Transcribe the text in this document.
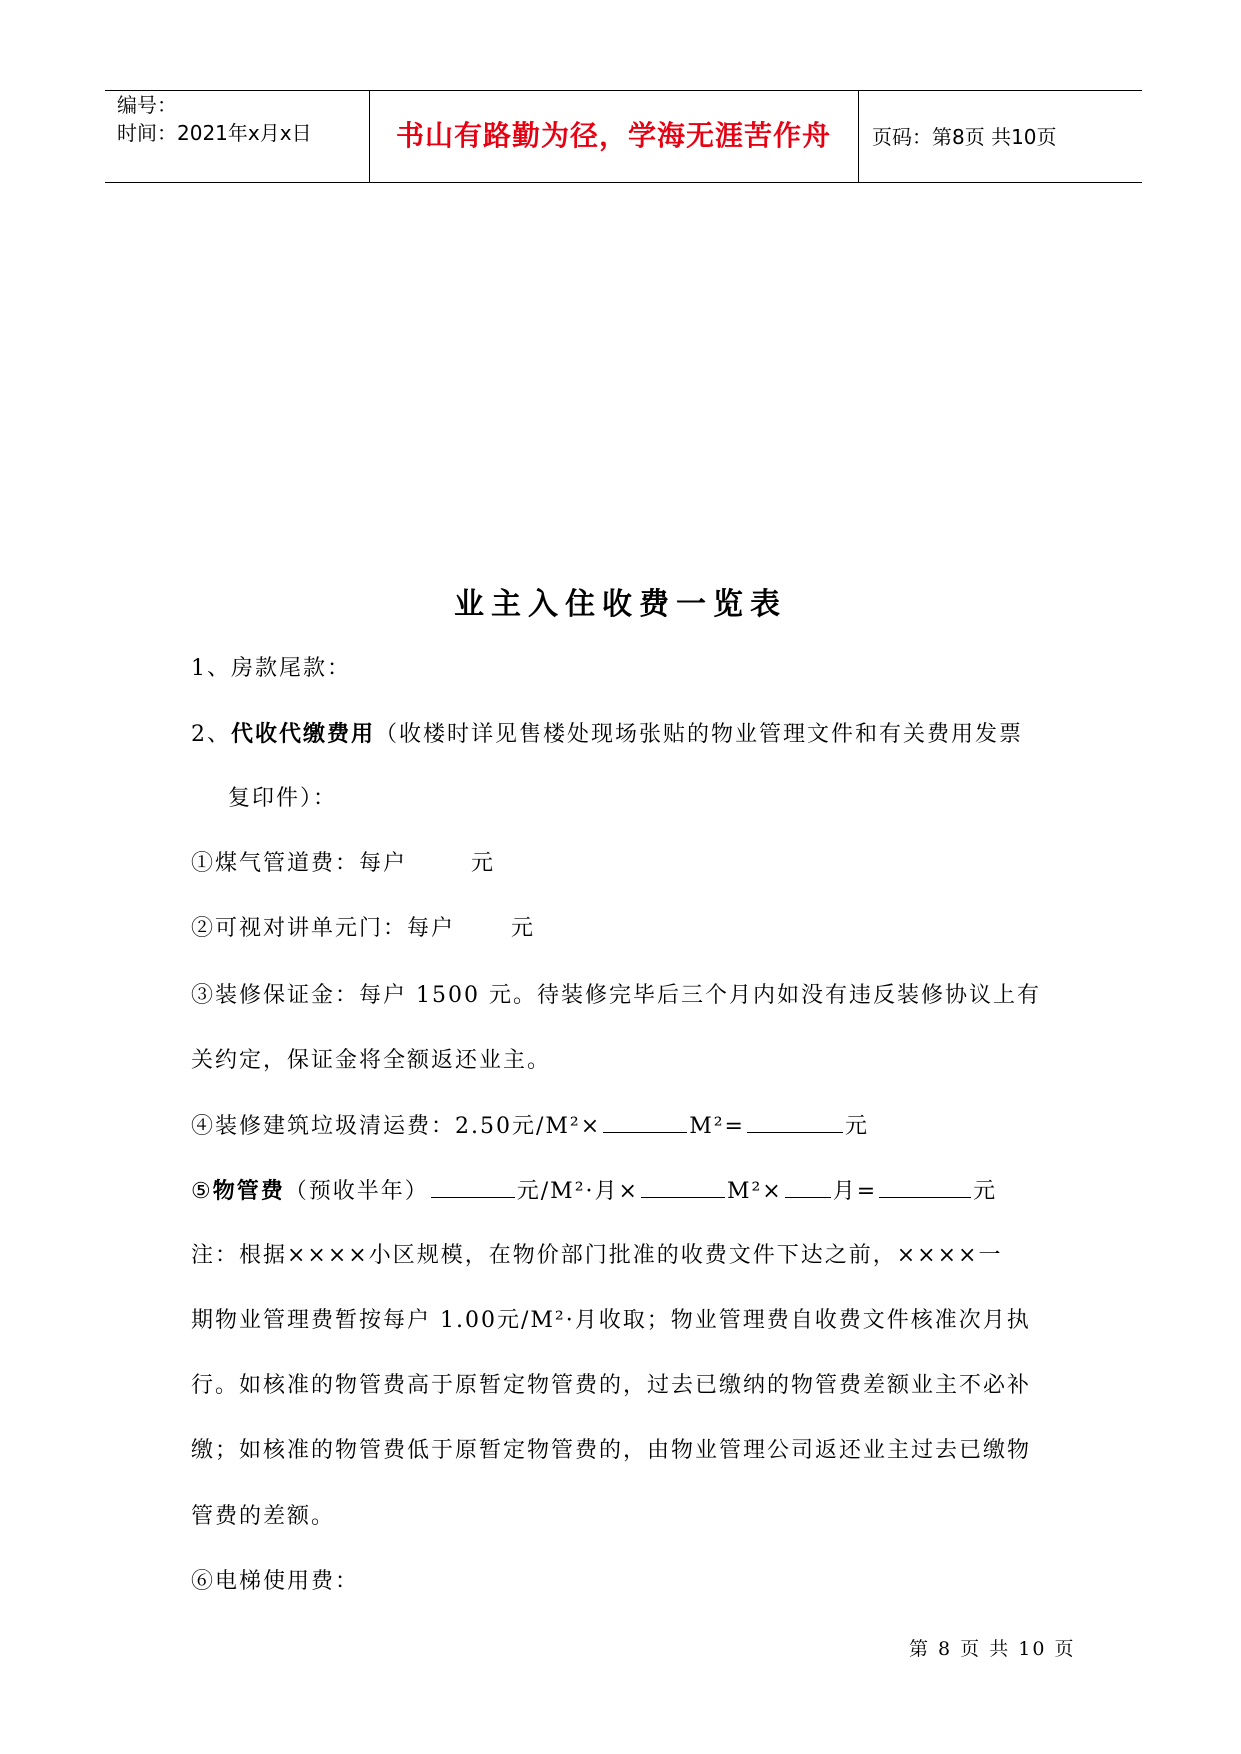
编号：
时间：2021年x月x日	书山有路勤为径，学海无涯苦作舟	页码：第8页 共10页
业主入住收费一览表
1、房款尾款：
2、代收代缴费用（收楼时详见售楼处现场张贴的物业管理文件和有关费用发票
复印件）：
①煤气管道费：每户	元
②可视对讲单元门：每户	元
③装修保证金：每户 1500 元。待装修完毕后三个月内如没有违反装修协议上有
关约定，保证金将全额返还业主。
④装修建筑垃圾清运费：2.50元/M²×	M²=	元
⑤物管费（预收半年）	元/M²·月×	M²× 月=	元
注：根据××××小区规模，在物价部门批准的收费文件下达之前，××××一
期物业管理费暂按每户 1.00元/M²·月收取；物业管理费自收费文件核准次月执
行。如核准的物管费高于原暂定物管费的，过去已缴纳的物管费差额业主不必补
缴；如核准的物管费低于原暂定物管费的，由物业管理公司返还业主过去已缴物
管费的差额。
⑥电梯使用费：
第 8 页 共 10 页
